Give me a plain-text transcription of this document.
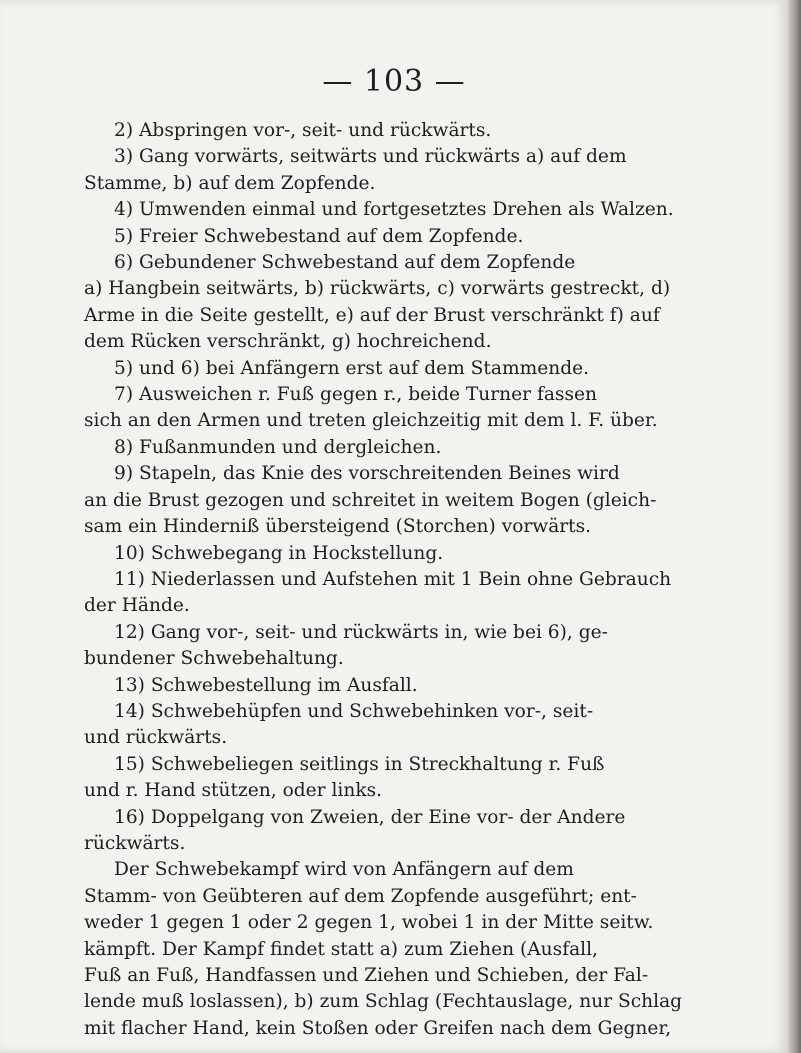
— 103 —

2) Abspringen vor-, seit- und rückwärts.

3) Gang vorwärts, seitwärts und rückwärts a) auf dem

Stamme, b) auf dem Zopfende.

4) Umwenden einmal und fortgesetztes Drehen als Walzen.

5) Freier Schwebestand auf dem Zopfende.

6) Gebundener Schwebestand auf dem Zopfende

a) Hangbein seitwärts, b) rückwärts, c) vorwärts gestreckt, d)

Arme in die Seite gestellt, e) auf der Brust verschränkt f) auf

dem Rücken verschränkt, g) hochreichend.

5) und 6) bei Anfängern erst auf dem Stammende.

7) Ausweichen r. Fuß gegen r., beide Turner fassen

sich an den Armen und treten gleichzeitig mit dem l. F. über.

8) Fußanmunden und dergleichen.

9) Stapeln, das Knie des vorschreitenden Beines wird

an die Brust gezogen und schreitet in weitem Bogen (gleich-

sam ein Hinderniß übersteigend (Storchen) vorwärts.

10) Schwebegang in Hockstellung.

11) Niederlassen und Aufstehen mit 1 Bein ohne Gebrauch

der Hände.

12) Gang vor-, seit- und rückwärts in, wie bei 6), ge-

bundener Schwebehaltung.

13) Schwebestellung im Ausfall.

14) Schwebehüpfen und Schwebehinken vor-, seit-

und rückwärts.

15) Schwebeliegen seitlings in Streckhaltung r. Fuß

und r. Hand stützen, oder links.

16) Doppelgang von Zweien, der Eine vor- der Andere

rückwärts.

Der Schwebekampf wird von Anfängern auf dem

Stamm- von Geübteren auf dem Zopfende ausgeführt; ent-

weder 1 gegen 1 oder 2 gegen 1, wobei 1 in der Mitte seitw.

kämpft. Der Kampf findet statt a) zum Ziehen (Ausfall,

Fuß an Fuß, Handfassen und Ziehen und Schieben, der Fal-

lende muß loslassen), b) zum Schlag (Fechtauslage, nur Schlag

mit flacher Hand, kein Stoßen oder Greifen nach dem Gegner,
